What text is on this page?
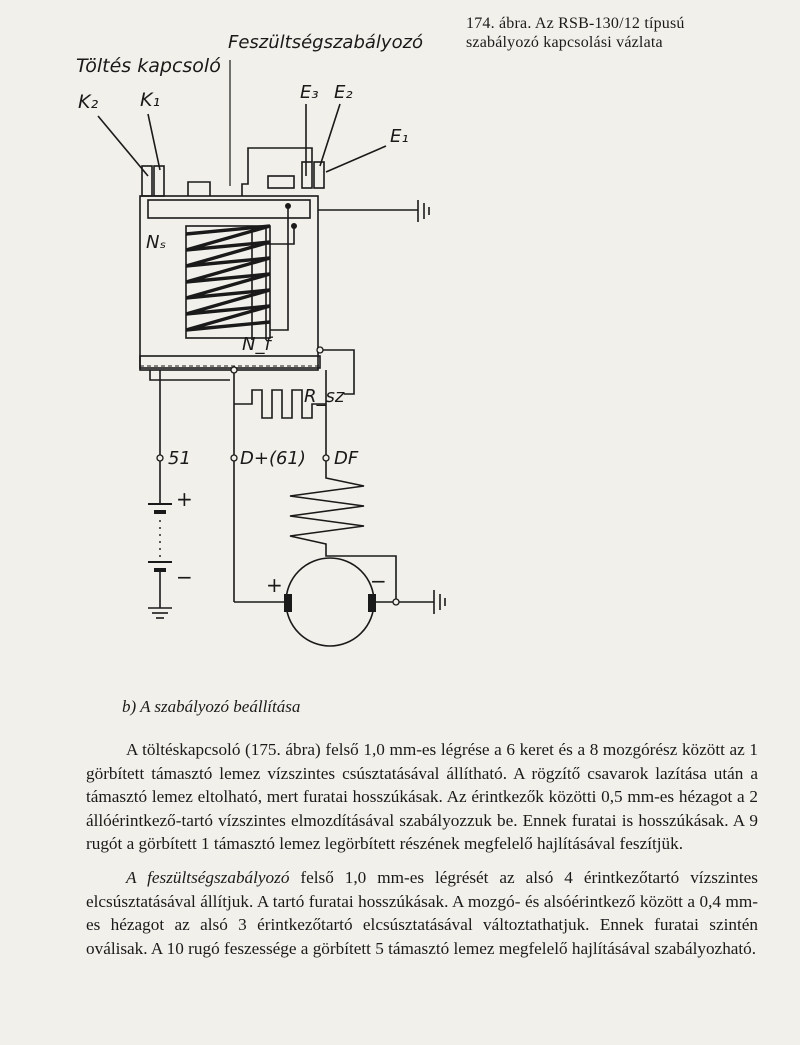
Töltés kapcsoló
Feszültségszabályozó
K₂ K₁	E₃ E₂
E₁
Nₛ
N_f
R_sz
51	D+(61) DF
+
−	+	−
174. ábra. Az RSB-130/12 típusú
szabályozó kapcsolási vázlata
b) A szabályozó beállítása

A töltéskapcsoló (175. ábra) felső 1,0 mm-es légrése a 6 keret és a 8 mozgórész között az 1 görbített támasztó lemez vízszintes csúsztatásával állítható. A rögzítő csavarok lazítása után a támasztó lemez eltolható, mert furatai hosszúkásak. Az érintkezők közötti 0,5 mm-es hézagot a 2 állóérintkező-tartó vízszintes elmozdításával szabályozzuk be. Ennek furatai is hosszúkásak. A 9 rugót a görbített 1 támasztó lemez legörbített részének megfelelő hajlításával feszítjük.

A feszültségszabályozó felső 1,0 mm-es légrését az alsó 4 érintkezőtartó vízszintes elcsúsztatásával állítjuk. A tartó furatai hosszúkásak. A mozgó- és alsóérintkező között a 0,4 mm-es hézagot az alsó 3 érintkezőtartó elcsúsztatásával változtathatjuk. Ennek furatai szintén oválisak. A 10 rugó feszessége a görbített 5 támasztó lemez megfelelő hajlításával szabályozható.
